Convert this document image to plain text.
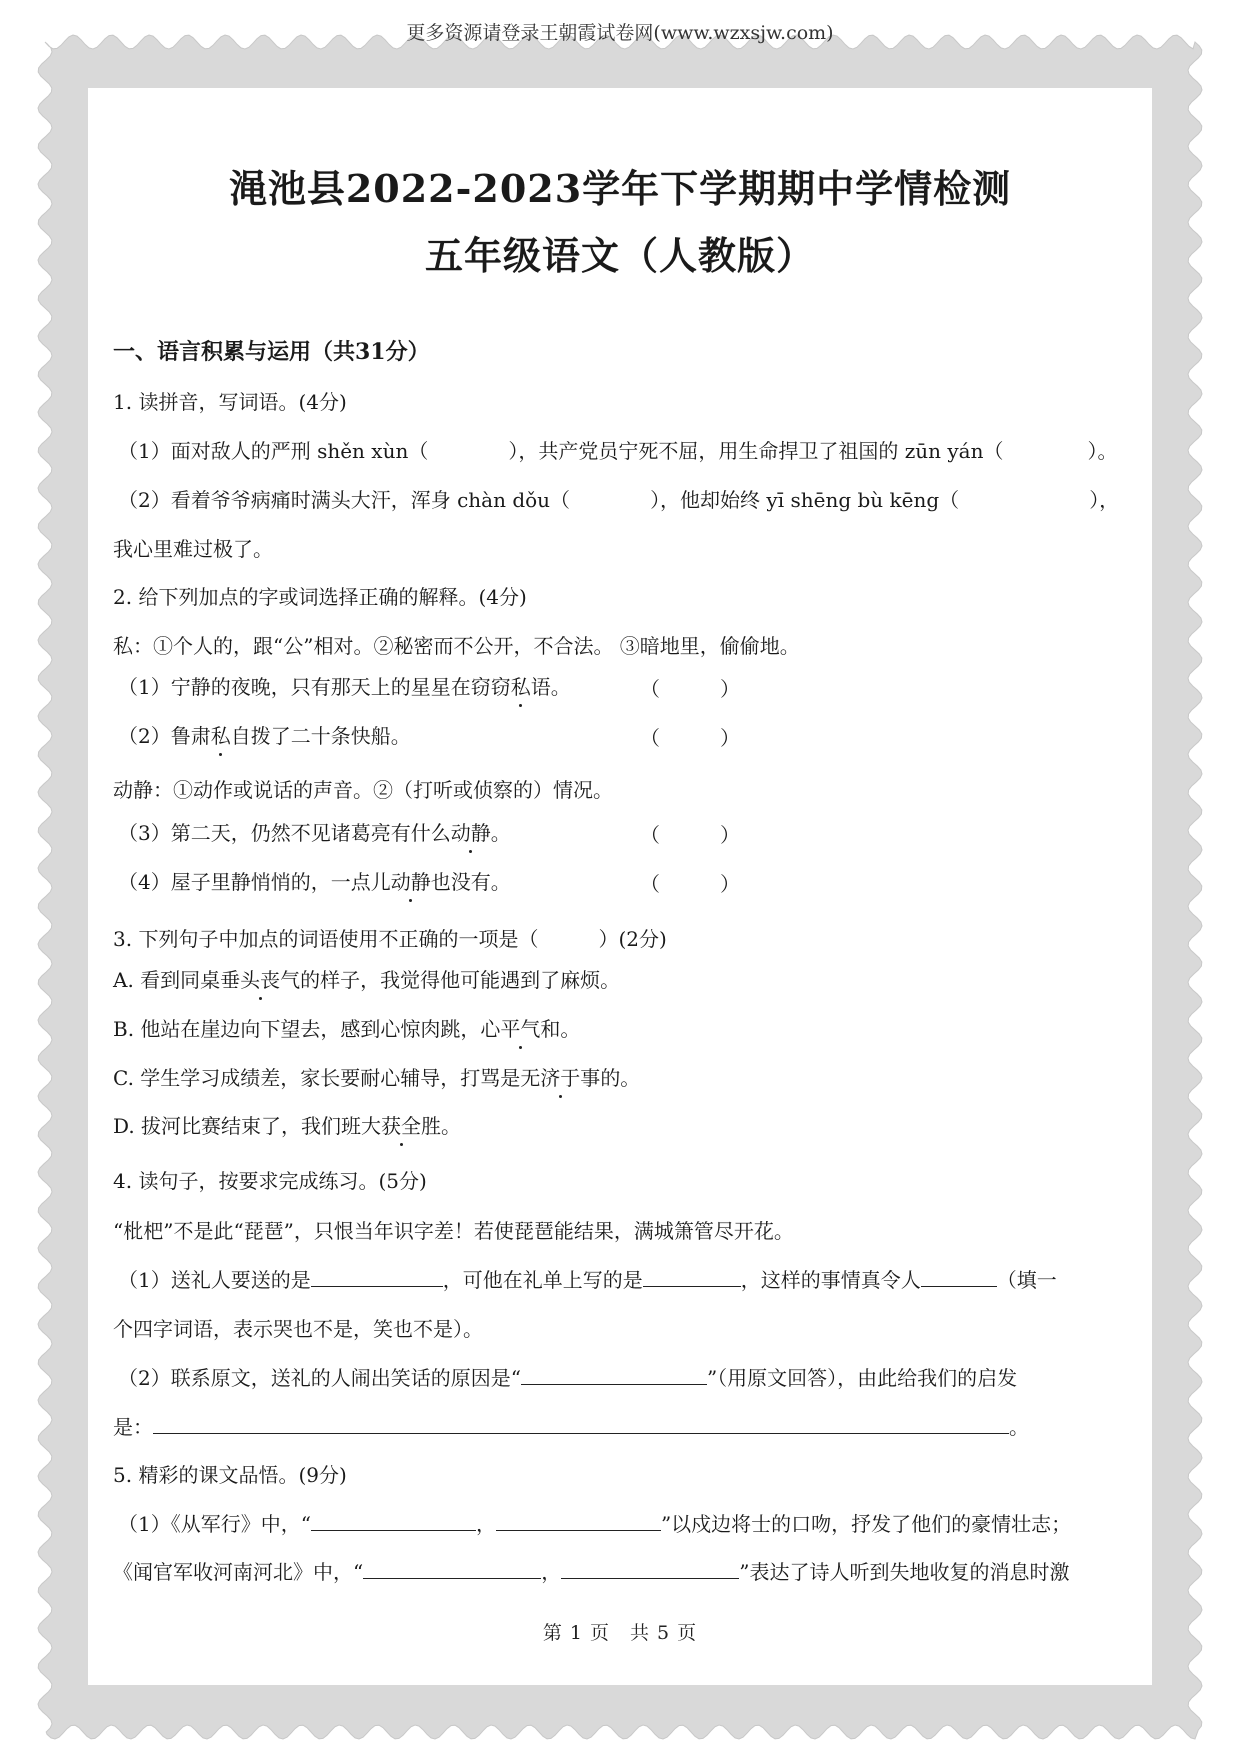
更多资源请登录王朝霞试卷网(www.wzxsjw.com)
渑池县2022-2023学年下学期期中学情检测
五年级语文（人教版）
一、语言积累与运用（共31分）
1. 读拼音，写词语。(4分)
（1）面对敌人的严刑 shěn xùn（	），共产党员宁死不屈，用生命捍卫了祖国的 zūn yán（	）。
（2）看着爷爷病痛时满头大汗，浑身 chàn dǒu（	），他却始终 yī shēng bù kēng（	），
我心里难过极了。
2. 给下列加点的字或词选择正确的解释。(4分)
私：①个人的，跟“公”相对。②秘密而不公开，不合法。 ③暗地里，偷偷地。
（1）宁静的夜晚，只有那天上的星星在窃窃私语。	（　　　）
（2）鲁肃私自拨了二十条快船。	（　　　）
动静：①动作或说话的声音。②（打听或侦察的）情况。
（3）第二天，仍然不见诸葛亮有什么动静。	（　　　）
（4）屋子里静悄悄的，一点儿动静也没有。	（　　　）
3. 下列句子中加点的词语使用不正确的一项是（　　　）(2分)
A. 看到同桌垂头丧气的样子，我觉得他可能遇到了麻烦。
B. 他站在崖边向下望去，感到心惊肉跳，心平气和。
C. 学生学习成绩差，家长要耐心辅导，打骂是无济于事的。
D. 拔河比赛结束了，我们班大获全胜。
4. 读句子，按要求完成练习。(5分)
“枇杷”不是此“琵琶”，只恨当年识字差！若使琵琶能结果，满城箫管尽开花。
（1）送礼人要送的是	，可他在礼单上写的是	，这样的事情真令人	（填一
个四字词语，表示哭也不是，笑也不是）。
（2）联系原文，送礼的人闹出笑话的原因是“	”（用原文回答），由此给我们的启发
是：	。
5. 精彩的课文品悟。(9分)
（1）《从军行》中，“	，	”以戍边将士的口吻，抒发了他们的豪情壮志；
《闻官军收河南河北》中，“	，	”表达了诗人听到失地收复的消息时激
第 1 页　共 5 页
